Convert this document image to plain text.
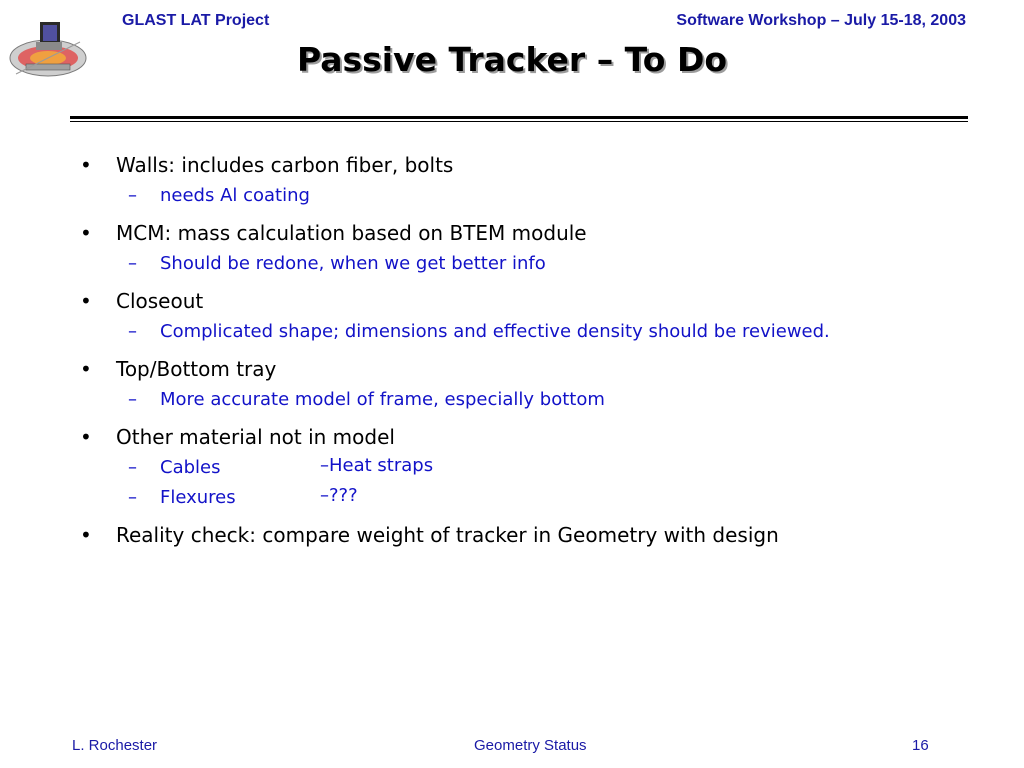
GLAST LAT Project	Software Workshop – July 15-18, 2003
Passive Tracker – To Do
• Walls: includes carbon fiber, bolts
– needs Al coating
• MCM: mass calculation based on BTEM module
– Should be redone, when we get better info
• Closeout
– Complicated shape; dimensions and effective density should be reviewed.
• Top/Bottom tray
– More accurate model of frame, especially bottom
• Other material not in model
– Cables	–Heat straps
– Flexures	–???
• Reality check: compare weight of tracker in Geometry with design
L. Rochester	Geometry Status	16
